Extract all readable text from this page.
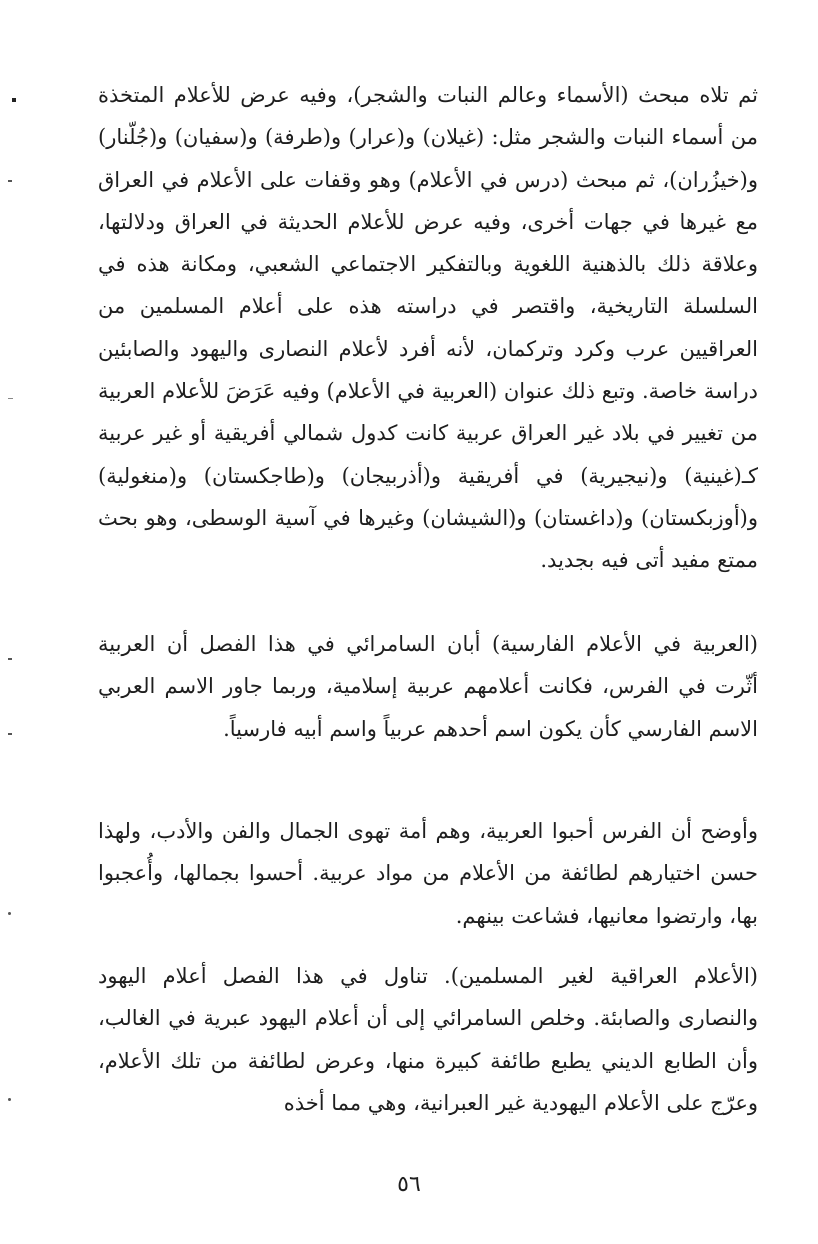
ثم تلاه مبحث (الأسماء وعالم النبات والشجر)، وفيه عرض للأعلام المتخذة من أسماء النبات والشجر مثل: (غيلان) و(عرار) و(طرفة) و(سفيان) و(جُلّنار) و(خيزُران)، ثم مبحث (درس في الأعلام) وهو وقفات على الأعلام في العراق مع غيرها في جهات أخرى، وفيه عرض للأعلام الحديثة في العراق ودلالتها، وعلاقة ذلك بالذهنية اللغوية وبالتفكير الاجتماعي الشعبي، ومكانة هذه في السلسلة التاريخية، واقتصر في دراسته هذه على أعلام المسلمين من العراقيين عرب وكرد وتركمان، لأنه أفرد لأعلام النصارى واليهود والصابئين دراسة خاصة. وتبع ذلك عنوان (العربية في الأعلام) وفيه عَرَضَ للأعلام العربية من تغيير في بلاد غير العراق عربية كانت كدول شمالي أفريقية أو غير عربية كـ(غينية) و(نيجيرية) في أفريقية و(أذربيجان) و(طاجكستان) و(منغولية) و(أوزبكستان) و(داغستان) و(الشيشان) وغيرها في آسية الوسطى، وهو بحث ممتع مفيد أتى فيه بجديد.

(العربية في الأعلام الفارسية) أبان السامرائي في هذا الفصل أن العربية أثّرت في الفرس، فكانت أعلامهم عربية إسلامية، وربما جاور الاسم العربي الاسم الفارسي كأن يكون اسم أحدهم عربياً واسم أبيه فارسياً.

وأوضح أن الفرس أحبوا العربية، وهم أمة تهوى الجمال والفن والأدب، ولهذا حسن اختيارهم لطائفة من الأعلام من مواد عربية. أحسوا بجمالها، وأُعجبوا بها، وارتضوا معانيها، فشاعت بينهم.

(الأعلام العراقية لغير المسلمين). تناول في هذا الفصل أعلام اليهود والنصارى والصابئة. وخلص السامرائي إلى أن أعلام اليهود عبرية في الغالب، وأن الطابع الديني يطبع طائفة كبيرة منها، وعرض لطائفة من تلك الأعلام، وعرّج على الأعلام اليهودية غير العبرانية، وهي مما أخذه

٥٦
